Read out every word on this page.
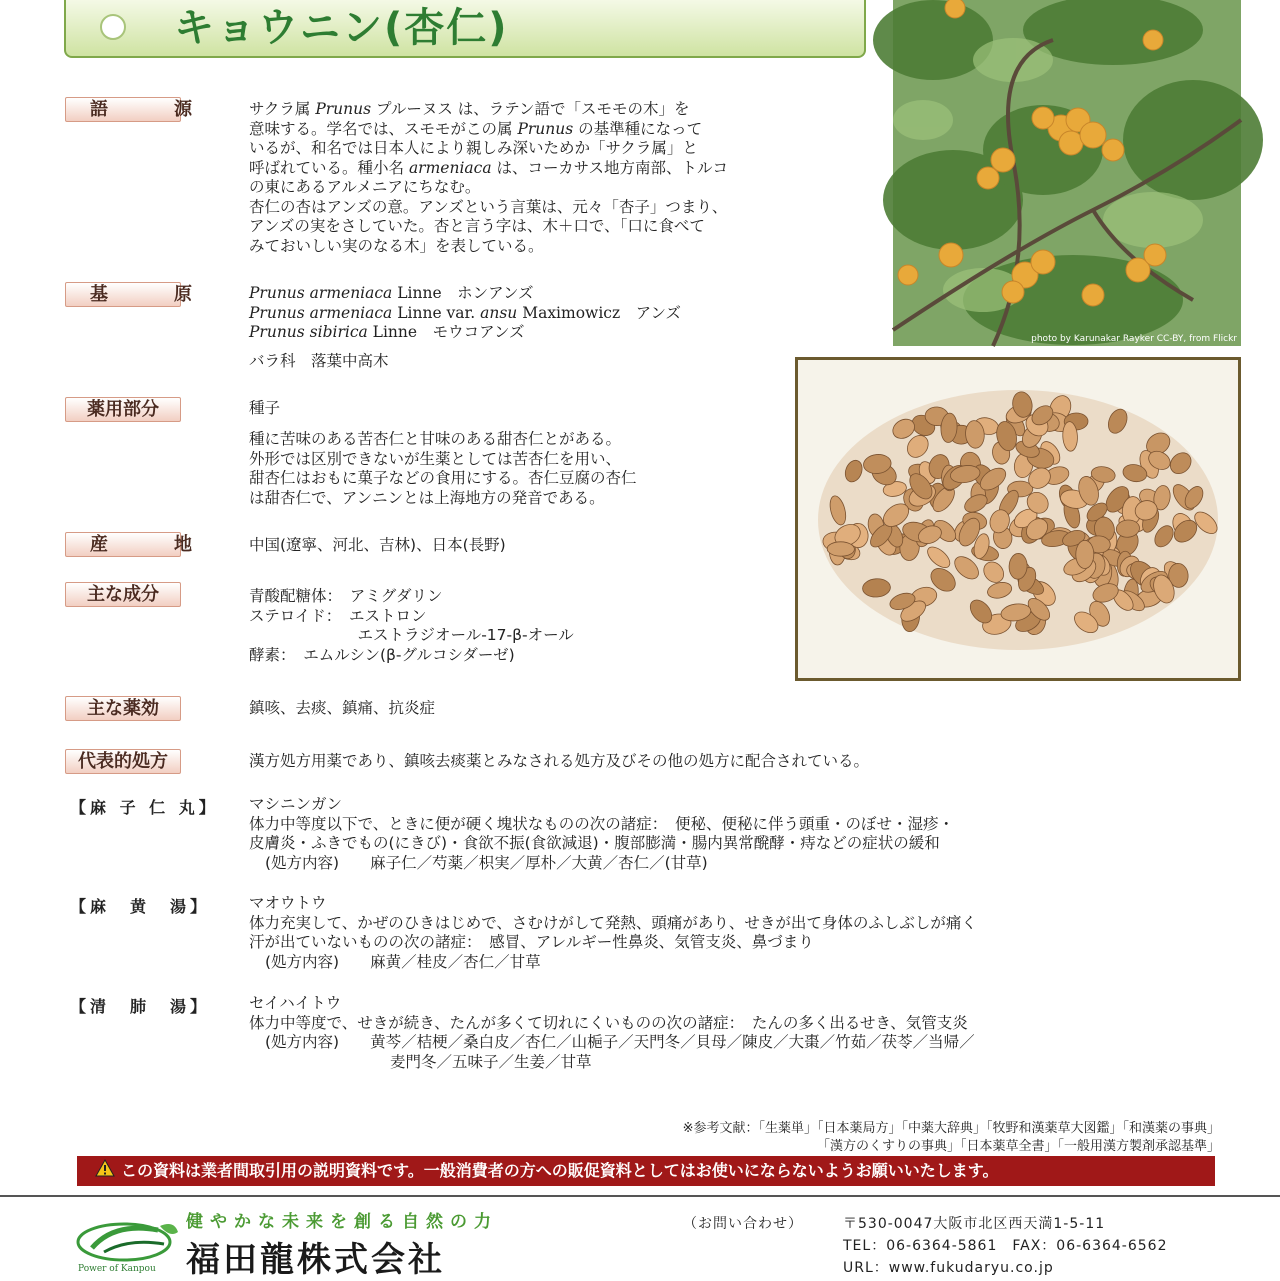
キョウニン(杏仁)
語　源 サクラ属 Prunus プルーヌス は、ラテン語で「スモモの木」を

意味する。学名では、スモモがこの属 Prunus の基準種になって

いるが、和名では日本人により親しみ深いためか「サクラ属」と

呼ばれている。種小名 armeniaca は、コーカサス地方南部、トルコ

の東にあるアルメニアにちなむ。

杏仁の杏はアンズの意。アンズという言葉は、元々「杏子」つまり、

アンズの実をさしていた。杏と言う字は、木＋口で、「口に食べて

みておいしい実のなる木」を表している。

基　原 Prunus armeniaca Linne　ホンアンズ

Prunus armeniaca Linne var. ansu Maximowicz　アンズ

Prunus sibirica Linne　モウコアンズ

バラ科　落葉中高木
薬用部分	種子

種に苦味のある苦杏仁と甘味のある甜杏仁とがある。

外形では区別できないが生薬としては苦杏仁を用い、

甜杏仁はおもに菓子などの食用にする。杏仁豆腐の杏仁

は甜杏仁で、アンニンとは上海地方の発音である。

産　地 中国(遼寧、河北、吉林)、日本(長野)
主な成分	青酸配糖体：　アミグダリン

ステロイド：　エストロン

　　　　　　　エストラジオール-17-β-オール

酵素：　エムルシン(β-グルコシダーゼ)

主な薬効	鎮咳、去痰、鎮痛、抗炎症
代表的処方	漢方処方用薬であり、鎮咳去痰薬とみなされる処方及びその他の処方に配合されている。
【麻 子 仁 丸】 マシニンガン

体力中等度以下で、ときに便が硬く塊状なものの次の諸症：　便秘、便秘に伴う頭重・のぼせ・湿疹・

皮膚炎・ふきでもの(にきび)・食欲不振(食欲減退)・腹部膨満・腸内異常醗酵・痔などの症状の緩和

(処方内容)　　 麻子仁／芍薬／枳実／厚朴／大黄／杏仁／(甘草)

【麻　黄　湯】	マオウトウ

体力充実して、かぜのひきはじめで、さむけがして発熱、頭痛があり、せきが出て身体のふしぶしが痛く

汗が出ていないものの次の諸症：　感冒、アレルギー性鼻炎、気管支炎、鼻づまり

(処方内容)　　 麻黄／桂皮／杏仁／甘草

【清　肺　湯】	セイハイトウ

体力中等度で、せきが続き、たんが多くて切れにくいものの次の諸症：　たんの多く出るせき、気管支炎

(処方内容)　　 黄芩／桔梗／桑白皮／杏仁／山梔子／天門冬／貝母／陳皮／大棗／竹茹／茯苓／当帰／

麦門冬／五味子／生姜／甘草

photo by Karunakar Rayker CC-BY, from Flickr
※参考文献：「生薬単」「日本薬局方」「中薬大辞典」「牧野和漢薬草大図鑑」「和漢薬の事典」
「漢方のくすりの事典」「日本薬草全書」「一般用漢方製剤承認基準」
この資料は業者間取引用の説明資料です。一般消費者の方への販促資料としてはお使いにならないようお願いいたします。
Power of Kanpou
健やかな未来を創る自然の力
福田龍株式会社
（お問い合わせ）	〒530-0047大阪市北区西天満1-5-11
TEL：06-6364-5861　FAX：06-6364-6562
URL：www.fukudaryu.co.jp
